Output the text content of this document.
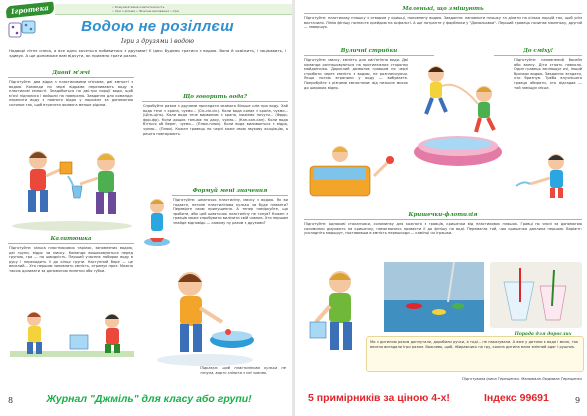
Ігротека	• Комунікативна компетентність
• Ігри з дітьми • Фізичне виховання • Ігри
Водою не розіллєш
Ігри з друзями і водою
Надворі літнє спека, а все одно хочеться побавитися з друзями! Є ідея: будемо гратися з водою. Вона й освіжить, і зацікавить, і здивує. А ще допоможе вам відчути, як приємно грати разом.
Дивні м'ячі
Підготуйте: два відра з пластиковими м'ячами, дві ємності з водою. Команди по черзі відрами переливають воду в пластикові ємності. Знадобиться по дві-три порції води, щоб м'ячі піднялися і вийшли на поверхню. Завдання для команди: перелити воду з повного відра у порожнє за допомогою склянки так, щоб втратити якомога менше рідини.
Калитюшка
Підготуйте: кілька пластмасових тарілок, заповнених водою, дві групи, відро чи миску. Команди вишиковуються перед групою, гра — на швидкість. Перший учасник набирає воду в руку і переходить її до кінця групи. Наступний бере — це веселий... Хто першим заповнить ємність, отримує приз. Можна також доливати за допомогою пипетки або губки.
Що говорить вода?
Спробуйте разом з друзями пригадати якомога більше слів про воду. Хай вода тече з крана, чуємо... (Сік-сік-сік). Коли вода капає з крана, чуємо... (Цінь-цінь). Коли вода тече вирваною з крана, можемо почути... (Фррр-фрр-фр). Коли дощик танцює по даху, чуємо... (Кап-кап-кап). Коли вода б'ється об берег, чуємо... (Плюх-плюх). Коли вода виливається з відра, чуємо... (Плюх). Кожен гравець по черзі каже свою звукову асоціацію, а решта повторюють.
Формуй мені значення
Підготуйте: шматочок пластиліну, миску з водою. Як ви гадаєте, потоне пластилінова кулька чи буде плавати? Перевірте свою припущення. А тепер поміркуйте, що зробити, аби цей шматочок пластиліну не тонув? Кожен з гравців може спробувати виліпити свій човник. Хто першим знайде відповідь — самому ну разом з друзями?
Підказка: щоб пластилінова кулька не тонула, варто зліпити з неї човник.
8	Журнал "Джміль" для класу або групи!
Маленькі, що змішують
Підготуйте: пластикову пляшку з отвором у кришці, наповнену водою. Завдання: наповнити пляшку та ділити на кілька порцій так, щоб усім вистачило. Лінію фінішу позначте крейдою на асфальті. А ще потрапте у фарбники у "Домальовки". Перший гравець починає маленьку, другий — завершує.
Вуличні стрибки
Підготуйте: миску, ємність для кип'ятіння води. Дві команди розташовуються на протилежних сторонах майданчика. Дорослий дозволяє гравцям по черзі стрибати через ємність з водою, не розплескуючи. Якщо ногою втрапили у воду — вибуваєте. Попробуйте з різними ємностями: від низьких мисок до широких відер.
До сміху!
Підготуйте: наповнений басейн або ванну. Діти стоять навколо. Один гравець заплющує очі, інший бризкає водою. Завдання: вгадати, хто бризнув. Треба влучнішого гравця обирати, хто відгадав — той заміщує місце.
Кришечки-флотилія
Підготуйте: однакові стаканчики, соломинку для кожного з гравців, кришечки від пластикових пляшок. Гравці по черзі за допомогою соломинки дмухають на кришечку, намагаючись провести її до фінішу по воді. Перемагає той, чия кришечка доплила першою. Варіант: ускладніть маршрут, поставивши в ємність перешкоди — камінці чи іграшки.
Порада для дорослих
Ми з дитиною разом доплутали, доробили ручки, а тоді... не наказували. А вже у дитини є вода і мило, так весело вигадали ігри разом. Важливо, щоб, збираючись на гру, кожна дитина мала змінний одяг і рушник.
Підготувала Ірина Терещенко. Малювала Людмила Терещенко
5 примірників за ціною 4-х!	Індекс 99691	9
